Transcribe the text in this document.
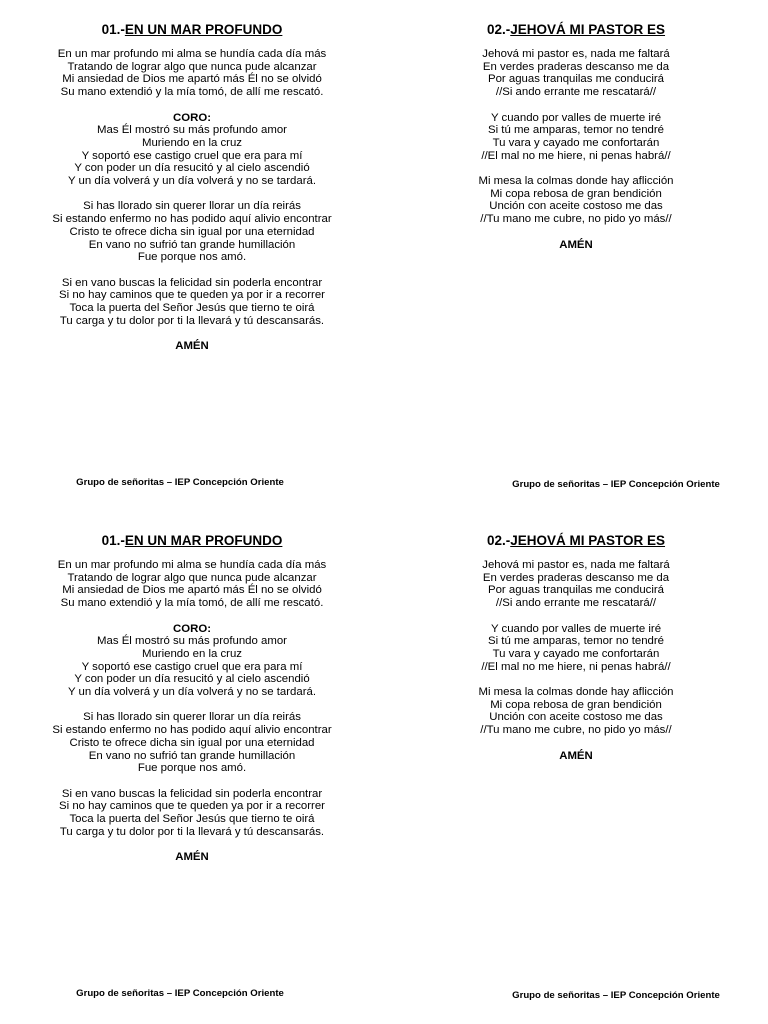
01.-EN UN MAR PROFUNDO
En un mar profundo mi alma se hundía cada día más
Tratando de lograr algo que nunca pude alcanzar
Mi ansiedad de Dios me apartó más Él no se olvidó
Su mano extendió y la mía tomó, de allí me rescató.
CORO:
Mas Él mostró su más profundo amor
Muriendo en la cruz
Y soportó ese castigo cruel que era para mí
Y con poder un día resucitó y al cielo ascendió
Y un día volverá y un día volverá y no se tardará.
Si has llorado sin querer llorar un día reirás
Si estando enfermo no has podido aquí alivio encontrar
Cristo te ofrece dicha sin igual por una eternidad
En vano no sufrió tan grande humillación
Fue porque nos amó.
Si en vano buscas la felicidad sin poderla encontrar
Si no hay caminos que te queden ya por ir a recorrer
Toca la puerta del Señor Jesús que tierno te oirá
Tu carga y tu dolor por ti la llevará y tú descansarás.
AMÉN
Grupo de señoritas – IEP Concepción Oriente
02.-JEHOVÁ MI PASTOR ES
Jehová mi pastor es, nada me faltará
En verdes praderas descanso me da
Por aguas tranquilas me conducirá
//Si ando errante me rescatará//
Y cuando por valles de muerte iré
Si tú me amparas, temor no tendré
Tu vara y cayado me confortarán
//El mal no me hiere, ni penas habrá//
Mi mesa la colmas donde hay aflicción
Mi copa rebosa de gran bendición
Unción con aceite costoso me das
//Tu mano me cubre, no pido yo más//
AMÉN
Grupo de señoritas – IEP Concepción Oriente
01.-EN UN MAR PROFUNDO
En un mar profundo mi alma se hundía cada día más
Tratando de lograr algo que nunca pude alcanzar
Mi ansiedad de Dios me apartó más Él no se olvidó
Su mano extendió y la mía tomó, de allí me rescató.
CORO:
Mas Él mostró su más profundo amor
Muriendo en la cruz
Y soportó ese castigo cruel que era para mí
Y con poder un día resucitó y al cielo ascendió
Y un día volverá y un día volverá y no se tardará.
Si has llorado sin querer llorar un día reirás
Si estando enfermo no has podido aquí alivio encontrar
Cristo te ofrece dicha sin igual por una eternidad
En vano no sufrió tan grande humillación
Fue porque nos amó.
Si en vano buscas la felicidad sin poderla encontrar
Si no hay caminos que te queden ya por ir a recorrer
Toca la puerta del Señor Jesús que tierno te oirá
Tu carga y tu dolor por ti la llevará y tú descansarás.
AMÉN
Grupo de señoritas – IEP Concepción Oriente
02.-JEHOVÁ MI PASTOR ES
Jehová mi pastor es, nada me faltará
En verdes praderas descanso me da
Por aguas tranquilas me conducirá
//Si ando errante me rescatará//
Y cuando por valles de muerte iré
Si tú me amparas, temor no tendré
Tu vara y cayado me confortarán
//El mal no me hiere, ni penas habrá//
Mi mesa la colmas donde hay aflicción
Mi copa rebosa de gran bendición
Unción con aceite costoso me das
//Tu mano me cubre, no pido yo más//
AMÉN
Grupo de señoritas – IEP Concepción Oriente
